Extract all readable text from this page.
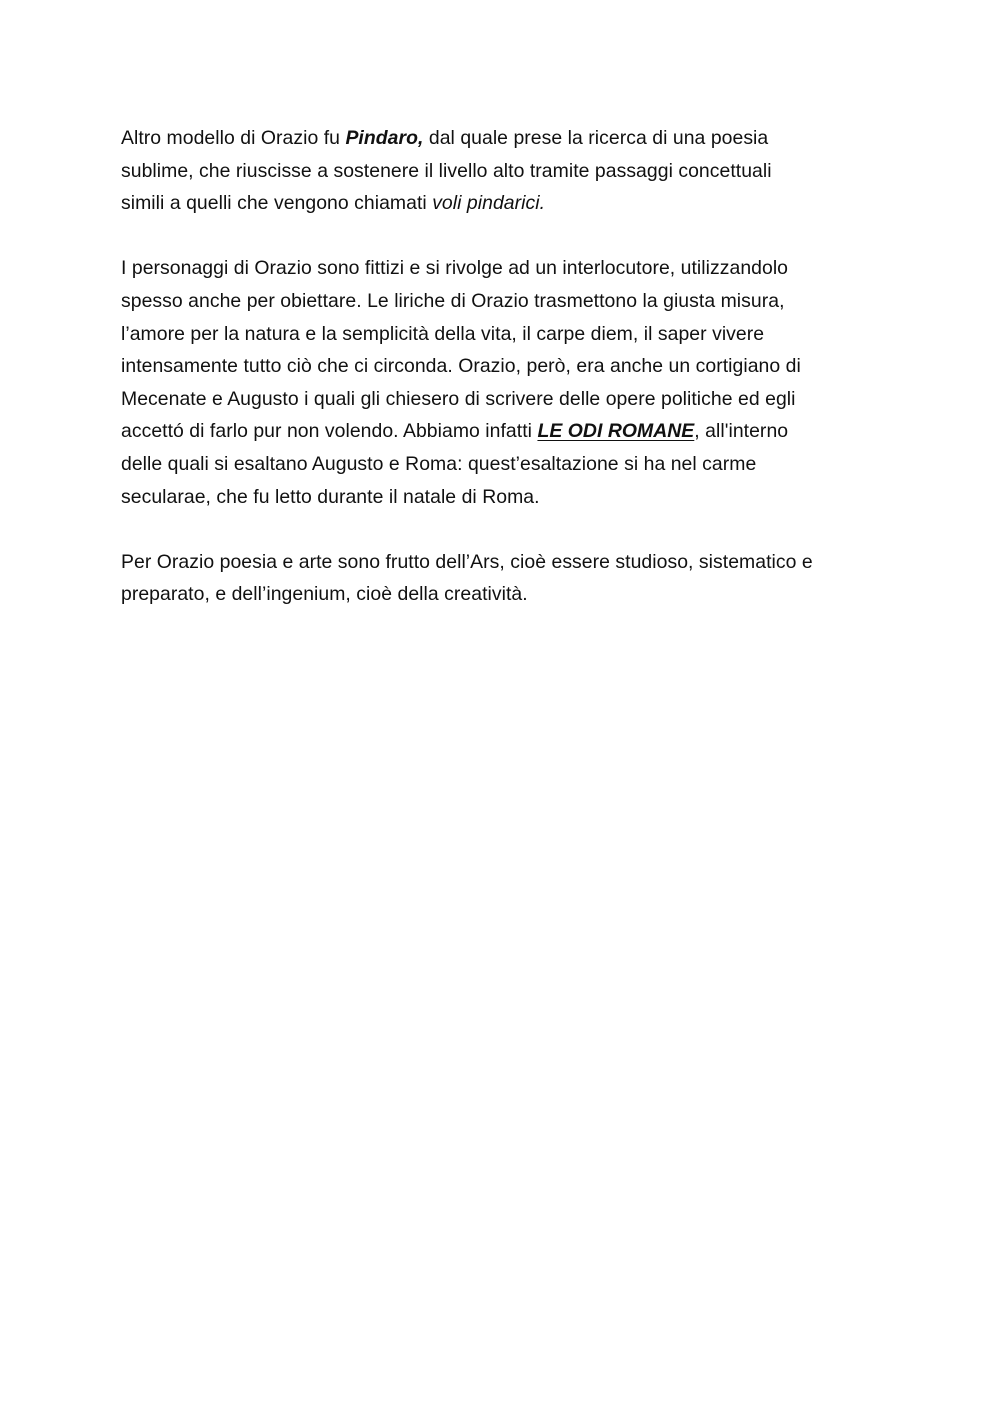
Altro modello di Orazio fu Pindaro, dal quale prese la ricerca di una poesia
sublime, che riuscisse a sostenere il livello alto tramite passaggi concettuali
simili a quelli che vengono chiamati voli pindarici.

I personaggi di Orazio sono fittizi e si rivolge ad un interlocutore, utilizzandolo
spesso anche per obiettare. Le liriche di Orazio trasmettono la giusta misura,
l’amore per la natura e la semplicità della vita, il carpe diem, il saper vivere
intensamente tutto ciò che ci circonda. Orazio, però, era anche un cortigiano di
Mecenate e Augusto i quali gli chiesero di scrivere delle opere politiche ed egli
accettó di farlo pur non volendo. Abbiamo infatti LE ODI ROMANE, all'interno
delle quali si esaltano Augusto e Roma: quest’esaltazione si ha nel carme
secularae, che fu letto durante il natale di Roma.

Per Orazio poesia e arte sono frutto dell’Ars, cioè essere studioso, sistematico e
preparato, e dell’ingenium, cioè della creatività.
